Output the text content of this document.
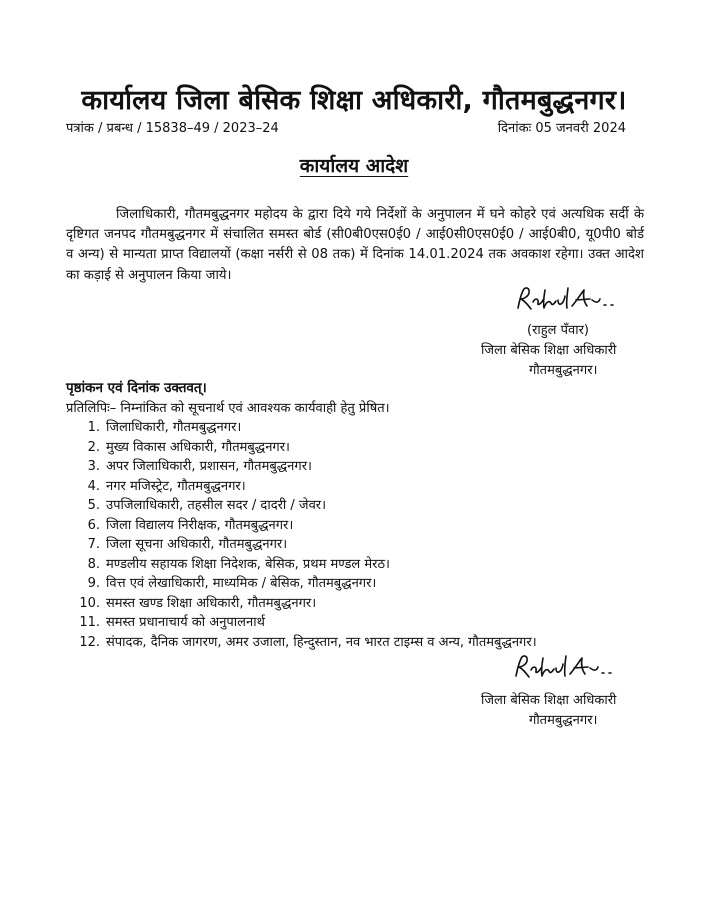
कार्यालय जिला बेसिक शिक्षा अधिकारी, गौतमबुद्धनगर।
पत्रांक / प्रबन्ध / 15838–49 / 2023–24	दिनांकः 05 जनवरी 2024
कार्यालय आदेश
जिलाधिकारी, गौतमबुद्धनगर महोदय के द्वारा दिये गये निर्देशों के अनुपालन में घने कोहरे एवं अत्यधिक सर्दी के दृष्टिगत जनपद गौतमबुद्धनगर में संचालित समस्त बोर्ड (सी0बी0एस0ई0 / आई0सी0एस0ई0 / आई0बी0, यू0पी0 बोर्ड व अन्य) से मान्यता प्राप्त विद्यालयों (कक्षा नर्सरी से 08 तक) में दिनांक 14.01.2024 तक अवकाश रहेगा। उक्त आदेश का कड़ाई से अनुपालन किया जाये।
(राहुल पँवार)
जिला बेसिक शिक्षा अधिकारी
गौतमबुद्धनगर।
पृष्ठांकन एवं दिनांक उक्तवत्।
प्रतिलिपिः– निम्नांकित को सूचनार्थ एवं आवश्यक कार्यवाही हेतु प्रेषित।
1. जिलाधिकारी, गौतमबुद्धनगर।
2. मुख्य विकास अधिकारी, गौतमबुद्धनगर।
3. अपर जिलाधिकारी, प्रशासन, गौतमबुद्धनगर।
4. नगर मजिस्ट्रेट, गौतमबुद्धनगर।
5. उपजिलाधिकारी, तहसील सदर / दादरी / जेवर।
6. जिला विद्यालय निरीक्षक, गौतमबुद्धनगर।
7. जिला सूचना अधिकारी, गौतमबुद्धनगर।
8. मण्डलीय सहायक शिक्षा निदेशक, बेसिक, प्रथम मण्डल मेरठ।
9. वित्त एवं लेखाधिकारी, माध्यमिक / बेसिक, गौतमबुद्धनगर।
10. समस्त खण्ड शिक्षा अधिकारी, गौतमबुद्धनगर।
11. समस्त प्रधानाचार्य को अनुपालनार्थ
12. संपादक, दैनिक जागरण, अमर उजाला, हिन्दुस्तान, नव भारत टाइम्स व अन्य, गौतमबुद्धनगर।
जिला बेसिक शिक्षा अधिकारी
गौतमबुद्धनगर।
